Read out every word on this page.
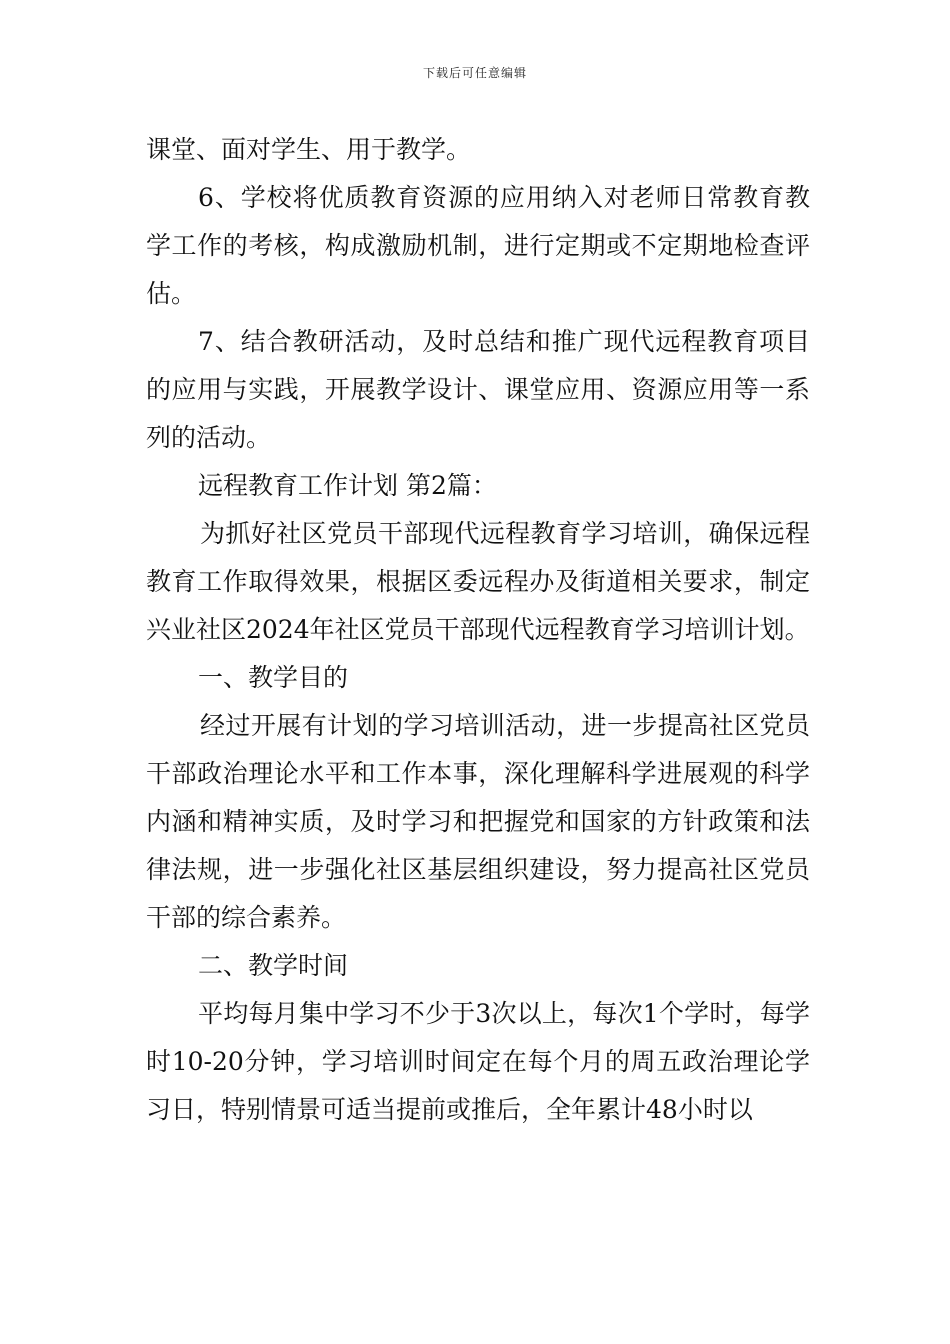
下载后可任意编辑

课堂、面对学生、用于教学。

6、学校将优质教育资源的应用纳入对老师日常教育教学工作的考核，构成激励机制，进行定期或不定期地检查评估。

7、结合教研活动，及时总结和推广现代远程教育项目的应用与实践，开展教学设计、课堂应用、资源应用等一系列的活动。

远程教育工作计划 第2篇：

为抓好社区党员干部现代远程教育学习培训，确保远程教育工作取得效果，根据区委远程办及街道相关要求，制定兴业社区2024年社区党员干部现代远程教育学习培训计划。

一、教学目的

经过开展有计划的学习培训活动，进一步提高社区党员干部政治理论水平和工作本事，深化理解科学进展观的科学内涵和精神实质，及时学习和把握党和国家的方针政策和法律法规，进一步强化社区基层组织建设，努力提高社区党员干部的综合素养。

二、教学时间

平均每月集中学习不少于3次以上，每次1个学时，每学时10-20分钟，学习培训时间定在每个月的周五政治理论学习日，特别情景可适当提前或推后，全年累计48小时以
